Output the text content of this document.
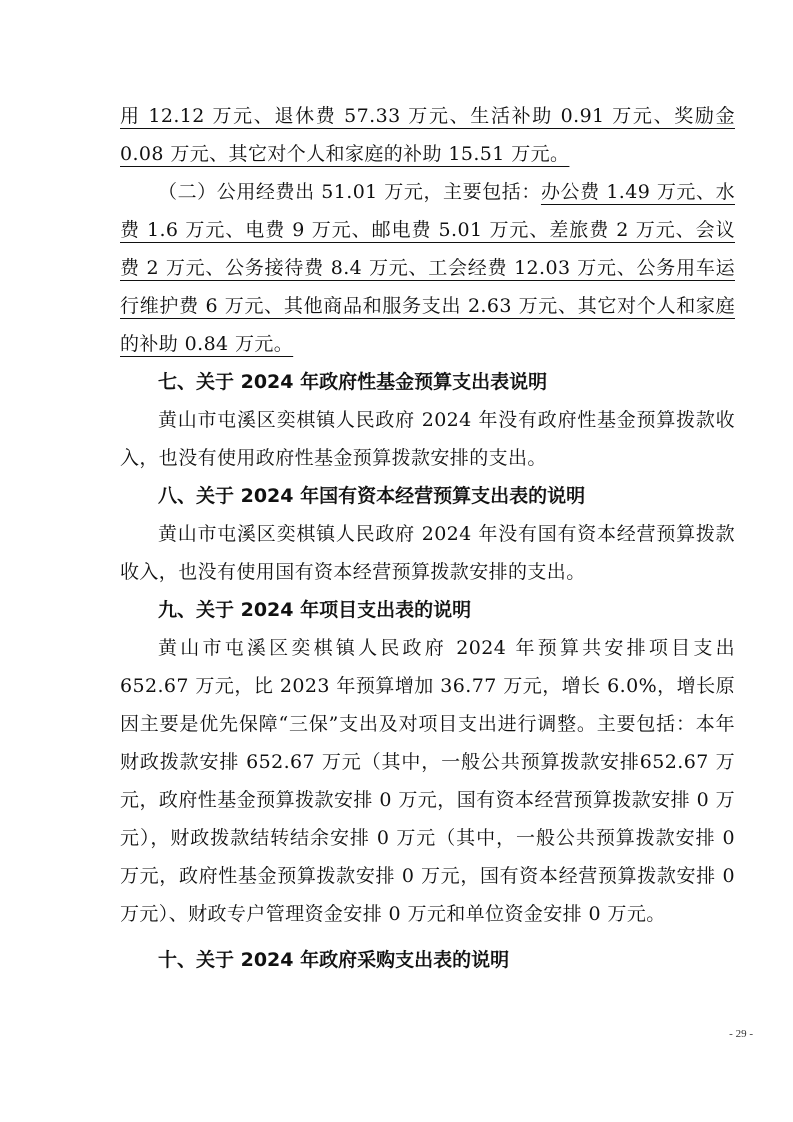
用 12.12 万元、退休费 57.33 万元、生活补助 0.91 万元、奖励金 0.08 万元、其它对个人和家庭的补助 15.51 万元。

（二）公用经费出 51.01 万元，主要包括：办公费 1.49 万元、水费 1.6 万元、电费 9 万元、邮电费 5.01 万元、差旅费 2 万元、会议费 2 万元、公务接待费 8.4 万元、工会经费 12.03 万元、公务用车运行维护费 6 万元、其他商品和服务支出 2.63 万元、其它对个人和家庭的补助 0.84 万元。

七、关于 2024 年政府性基金预算支出表说明

黄山市屯溪区奕棋镇人民政府 2024 年没有政府性基金预算拨款收入，也没有使用政府性基金预算拨款安排的支出。

八、关于 2024 年国有资本经营预算支出表的说明

黄山市屯溪区奕棋镇人民政府 2024 年没有国有资本经营预算拨款收入，也没有使用国有资本经营预算拨款安排的支出。

九、关于 2024 年项目支出表的说明

黄山市屯溪区奕棋镇人民政府 2024 年预算共安排项目支出652.67 万元，比 2023 年预算增加 36.77 万元，增长 6.0%，增长原因主要是优先保障“三保”支出及对项目支出进行调整。主要包括：本年财政拨款安排 652.67 万元（其中，一般公共预算拨款安排652.67 万元，政府性基金预算拨款安排 0 万元，国有资本经营预算拨款安排 0 万元），财政拨款结转结余安排 0 万元（其中，一般公共预算拨款安排 0 万元，政府性基金预算拨款安排 0 万元，国有资本经营预算拨款安排 0 万元）、财政专户管理资金安排 0 万元和单位资金安排 0 万元。

十、关于 2024 年政府采购支出表的说明
- 29 -
